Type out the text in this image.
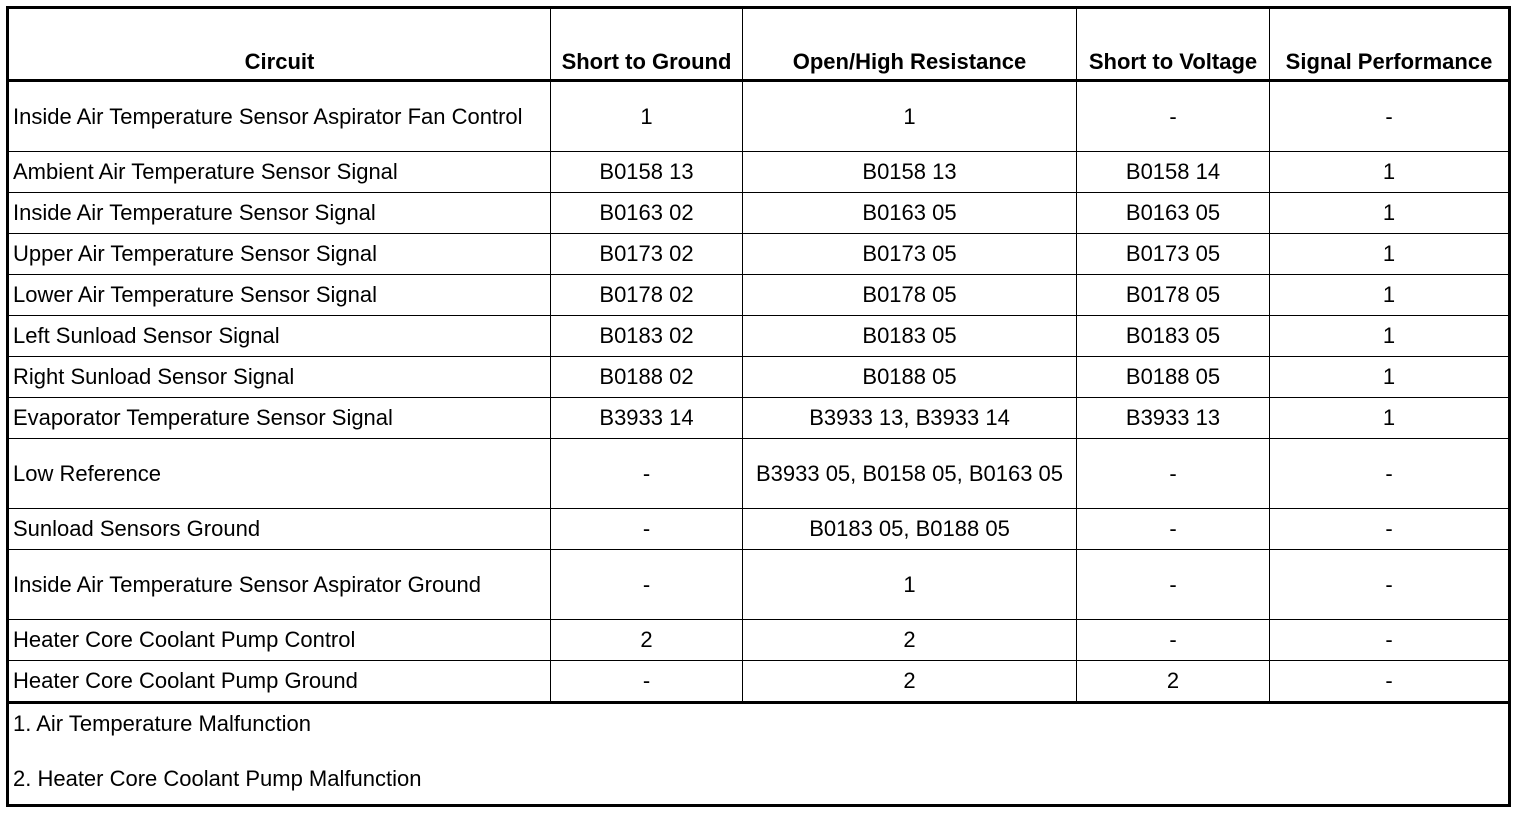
Circuit	Short to Ground	Open/High Resistance	Short to Voltage	Signal Performance
Inside Air Temperature Sensor Aspirator Fan Control	1	1	-	-
Ambient Air Temperature Sensor Signal	B0158 13	B0158 13	B0158 14	1
Inside Air Temperature Sensor Signal	B0163 02	B0163 05	B0163 05	1
Upper Air Temperature Sensor Signal	B0173 02	B0173 05	B0173 05	1
Lower Air Temperature Sensor Signal	B0178 02	B0178 05	B0178 05	1
Left Sunload Sensor Signal	B0183 02	B0183 05	B0183 05	1
Right Sunload Sensor Signal	B0188 02	B0188 05	B0188 05	1
Evaporator Temperature Sensor Signal	B3933 14	B3933 13, B3933 14	B3933 13	1
Low Reference	-	B3933 05, B0158 05, B0163 05	-	-
Sunload Sensors Ground	-	B0183 05, B0188 05	-	-
Inside Air Temperature Sensor Aspirator Ground	-	1	-	-
Heater Core Coolant Pump Control	2	2	-	-
Heater Core Coolant Pump Ground	-	2	2	-

1. Air Temperature Malfunction
2. Heater Core Coolant Pump Malfunction				
